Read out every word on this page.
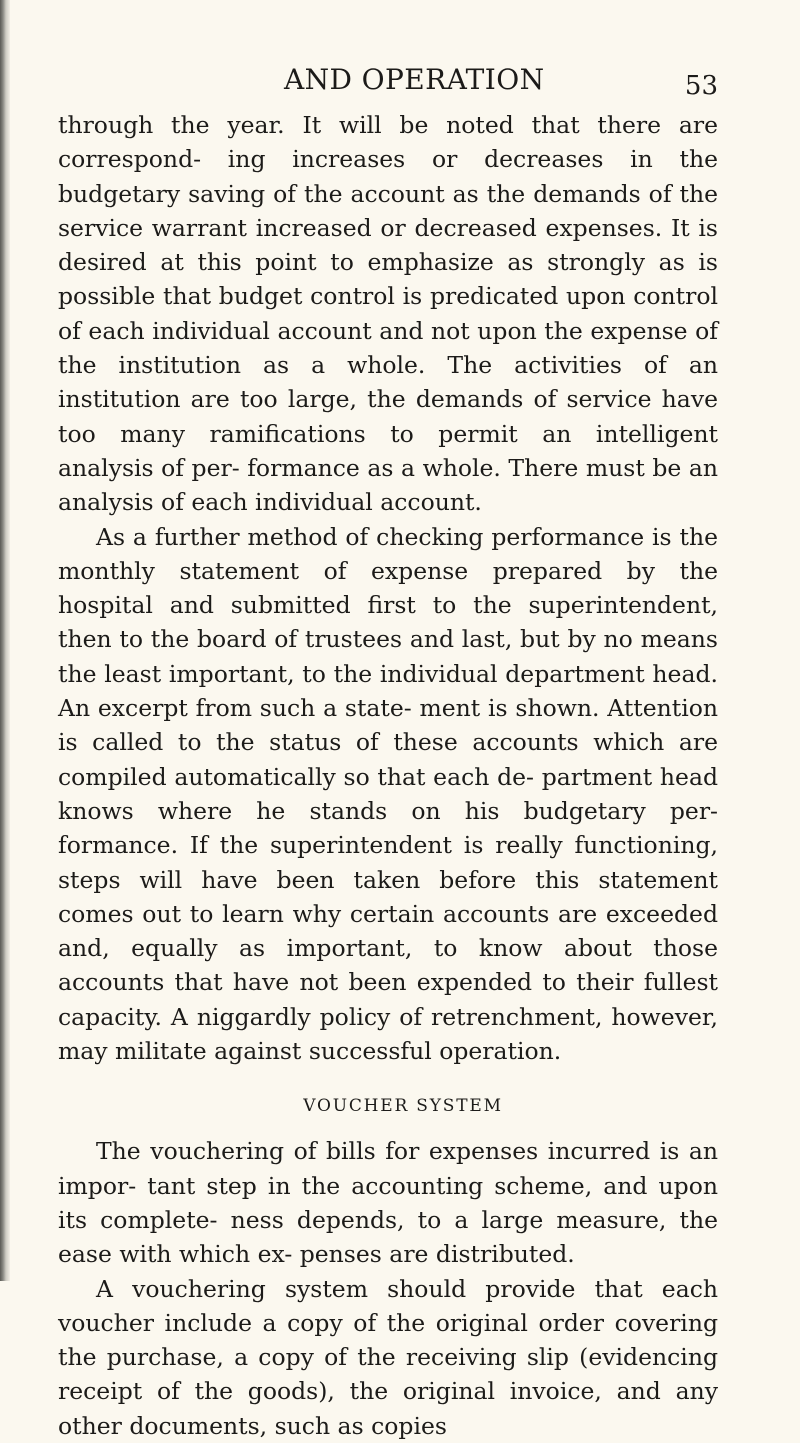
AND OPERATION	53

through the year. It will be noted that there are correspond- ing increases or decreases in the budgetary saving of the account as the demands of the service warrant increased or decreased expenses. It is desired at this point to emphasize as strongly as is possible that budget control is predicated upon control of each individual account and not upon the expense of the institution as a whole. The activities of an institution are too large, the demands of service have too many ramifications to permit an intelligent analysis of per- formance as a whole. There must be an analysis of each individual account.

As a further method of checking performance is the monthly statement of expense prepared by the hospital and submitted first to the superintendent, then to the board of trustees and last, but by no means the least important, to the individual department head. An excerpt from such a state- ment is shown. Attention is called to the status of these accounts which are compiled automatically so that each de- partment head knows where he stands on his budgetary per- formance. If the superintendent is really functioning, steps will have been taken before this statement comes out to learn why certain accounts are exceeded and, equally as important, to know about those accounts that have not been expended to their fullest capacity. A niggardly policy of retrenchment, however, may militate against successful operation.

VOUCHER SYSTEM

The vouchering of bills for expenses incurred is an impor- tant step in the accounting scheme, and upon its complete- ness depends, to a large measure, the ease with which ex- penses are distributed.

A vouchering system should provide that each voucher include a copy of the original order covering the purchase, a copy of the receiving slip (evidencing receipt of the goods), the original invoice, and any other documents, such as copies
